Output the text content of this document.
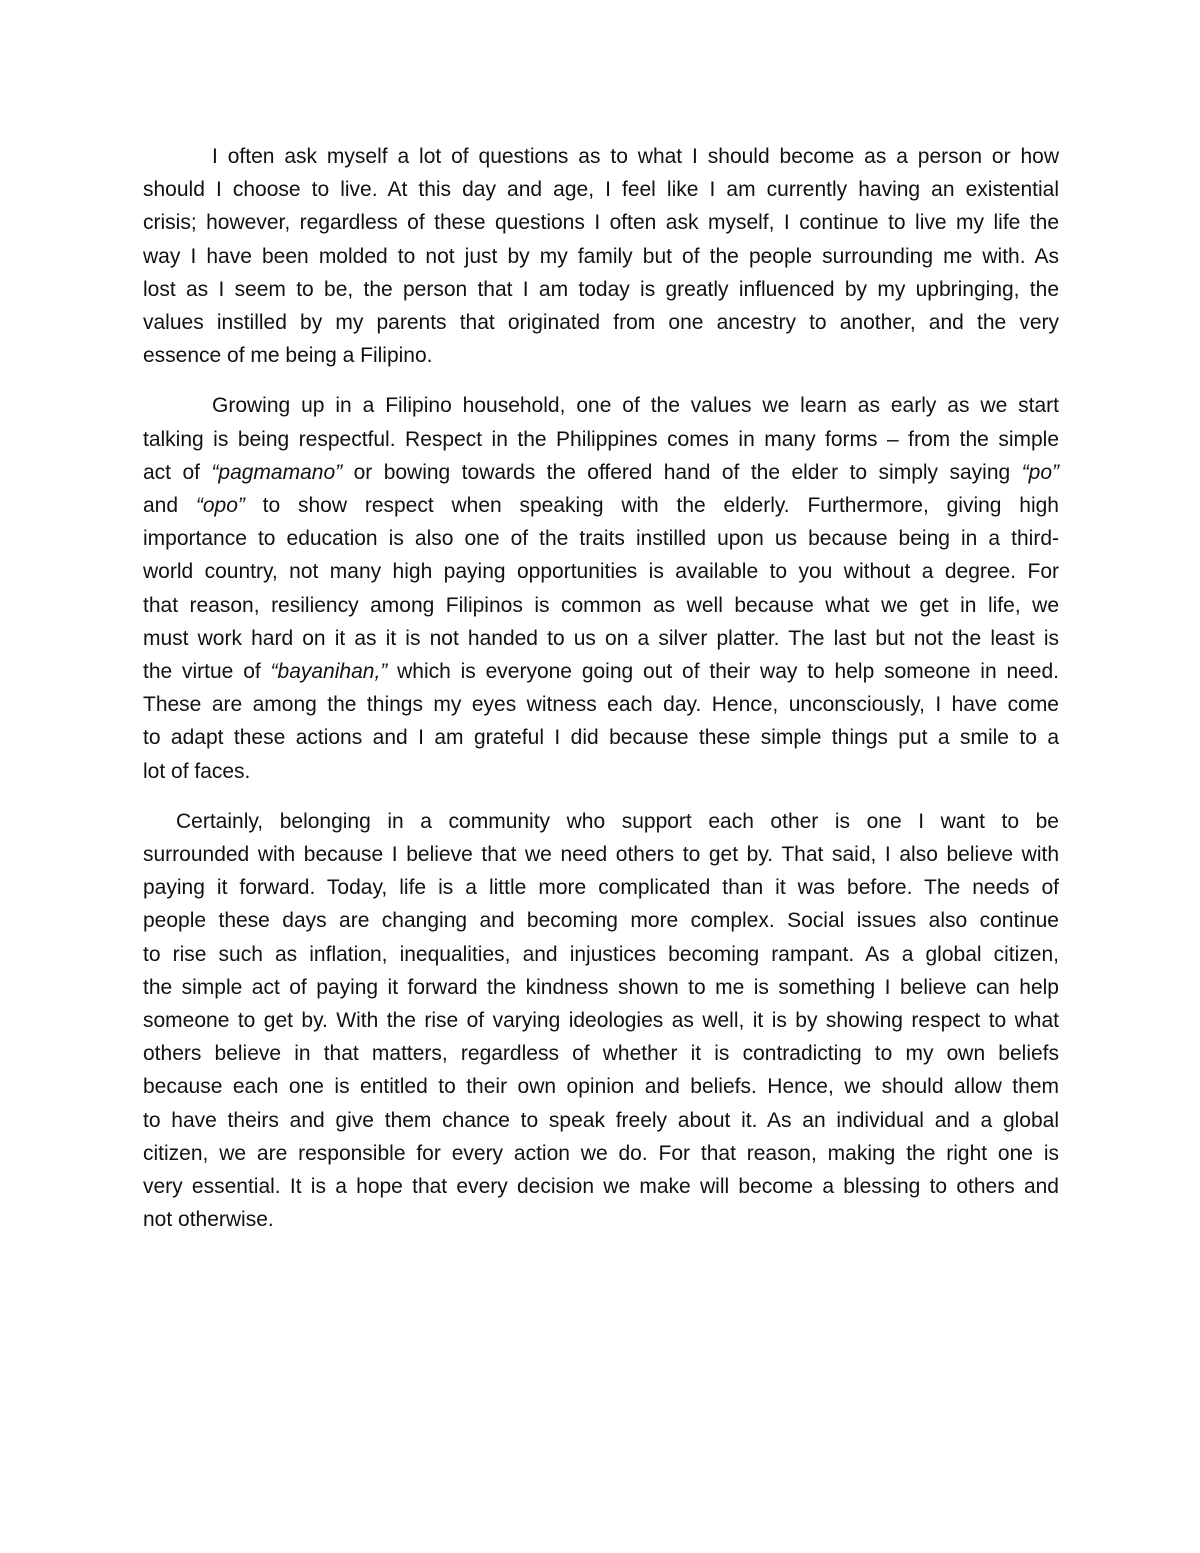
I often ask myself a lot of questions as to what I should become as a person or how
should I choose to live. At this day and age, I feel like I am currently having an existential
crisis; however, regardless of these questions I often ask myself, I continue to live my life the
way I have been molded to not just by my family but of the people surrounding me with. As
lost as I seem to be, the person that I am today is greatly influenced by my upbringing, the
values instilled by my parents that originated from one ancestry to another, and the very
essence of me being a Filipino.
Growing up in a Filipino household, one of the values we learn as early as we start
talking is being respectful. Respect in the Philippines comes in many forms – from the simple
act of “pagmamano” or bowing towards the offered hand of the elder to simply saying “po”
and “opo” to show respect when speaking with the elderly. Furthermore, giving high
importance to education is also one of the traits instilled upon us because being in a third-
world country, not many high paying opportunities is available to you without a degree. For
that reason, resiliency among Filipinos is common as well because what we get in life, we
must work hard on it as it is not handed to us on a silver platter. The last but not the least is
the virtue of “bayanihan,” which is everyone going out of their way to help someone in need.
These are among the things my eyes witness each day. Hence, unconsciously, I have come
to adapt these actions and I am grateful I did because these simple things put a smile to a
lot of faces.
Certainly, belonging in a community who support each other is one I want to be
surrounded with because I believe that we need others to get by. That said, I also believe with
paying it forward. Today, life is a little more complicated than it was before. The needs of
people these days are changing and becoming more complex. Social issues also continue
to rise such as inflation, inequalities, and injustices becoming rampant. As a global citizen,
the simple act of paying it forward the kindness shown to me is something I believe can help
someone to get by. With the rise of varying ideologies as well, it is by showing respect to what
others believe in that matters, regardless of whether it is contradicting to my own beliefs
because each one is entitled to their own opinion and beliefs. Hence, we should allow them
to have theirs and give them chance to speak freely about it. As an individual and a global
citizen, we are responsible for every action we do. For that reason, making the right one is
very essential. It is a hope that every decision we make will become a blessing to others and
not otherwise.
